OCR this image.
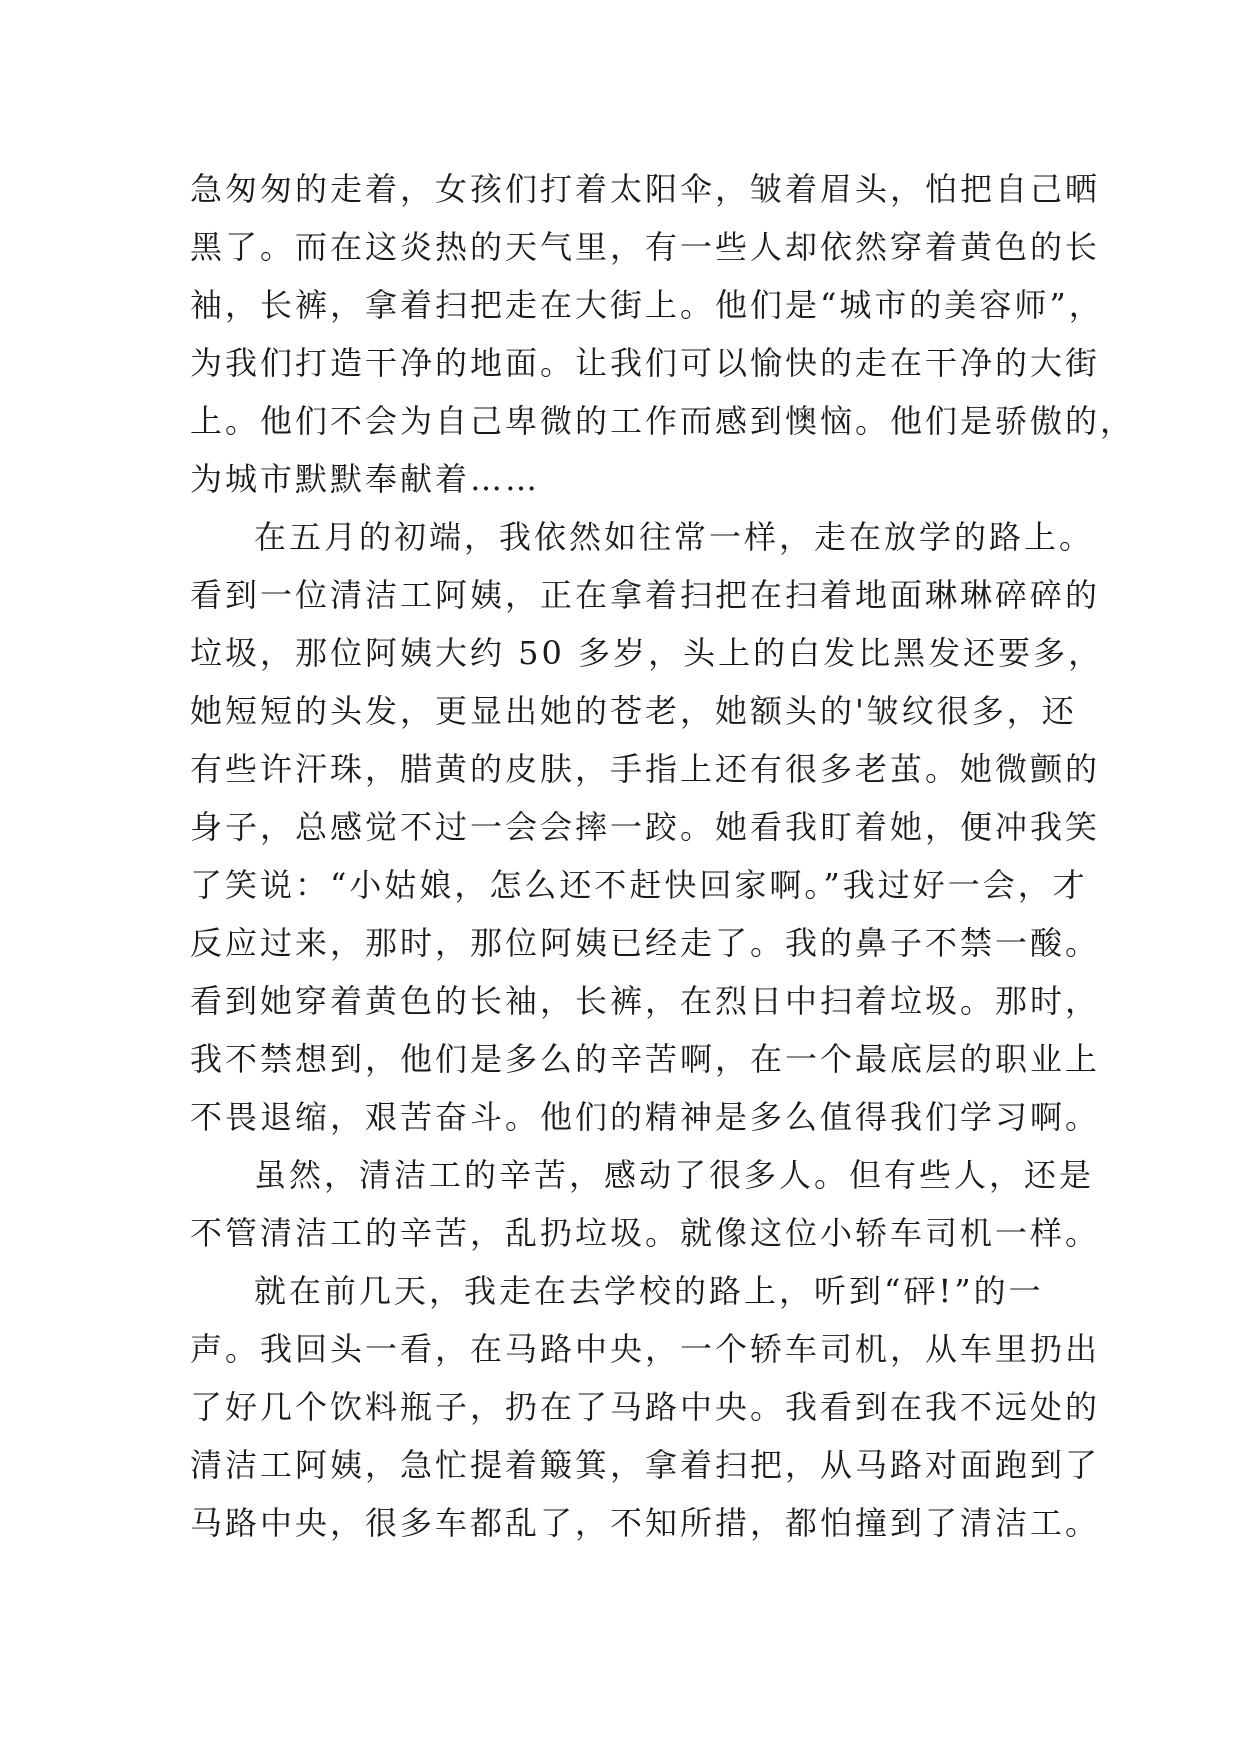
急匆匆的走着，女孩们打着太阳伞，皱着眉头，怕把自己晒
黑了。而在这炎热的天气里，有一些人却依然穿着黄色的长
袖，长裤，拿着扫把走在大街上。他们是“城市的美容师”，
为我们打造干净的地面。让我们可以愉快的走在干净的大街
上。他们不会为自己卑微的工作而感到懊恼。他们是骄傲的，
为城市默默奉献着……
在五月的初端，我依然如往常一样，走在放学的路上。
看到一位清洁工阿姨，正在拿着扫把在扫着地面琳琳碎碎的
垃圾，那位阿姨大约 50 多岁，头上的白发比黑发还要多，
她短短的头发，更显出她的苍老，她额头的'皱纹很多，还
有些许汗珠，腊黄的皮肤，手指上还有很多老茧。她微颤的
身子，总感觉不过一会会摔一跤。她看我盯着她，便冲我笑
了笑说：“小姑娘，怎么还不赶快回家啊。”我过好一会，才
反应过来，那时，那位阿姨已经走了。我的鼻子不禁一酸。
看到她穿着黄色的长袖，长裤，在烈日中扫着垃圾。那时，
我不禁想到，他们是多么的辛苦啊，在一个最底层的职业上
不畏退缩，艰苦奋斗。他们的精神是多么值得我们学习啊。
虽然，清洁工的辛苦，感动了很多人。但有些人，还是
不管清洁工的辛苦，乱扔垃圾。就像这位小轿车司机一样。
就在前几天，我走在去学校的路上，听到“砰!”的一
声。我回头一看，在马路中央，一个轿车司机，从车里扔出
了好几个饮料瓶子，扔在了马路中央。我看到在我不远处的
清洁工阿姨，急忙提着簸箕，拿着扫把，从马路对面跑到了
马路中央，很多车都乱了，不知所措，都怕撞到了清洁工。
